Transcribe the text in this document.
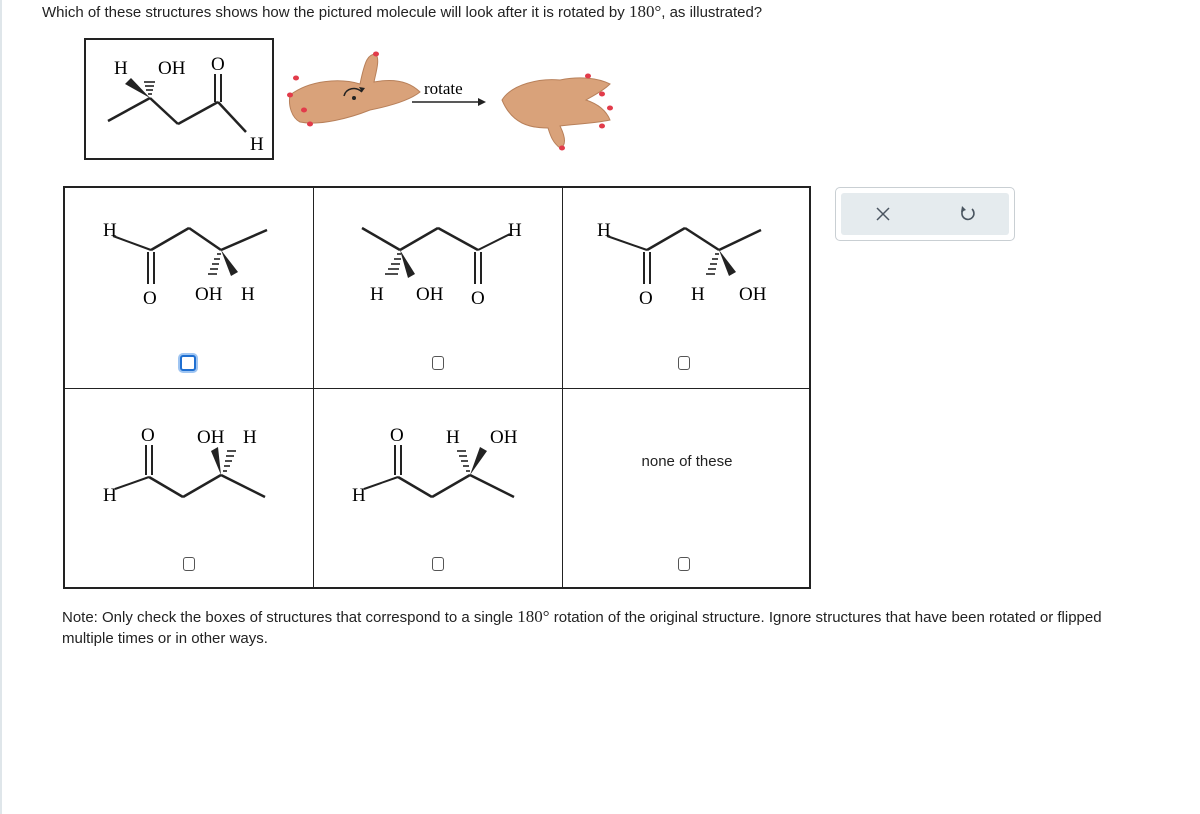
Which of these structures shows how the pictured molecule will look after it is rotated by 180°, as illustrated?
H OH O
H
rotate
H
O OH H	H OH O
H	H
O H OH
O
H
OH H	O
H
H OH
none of these
Note: Only check the boxes of structures that correspond to a single 180° rotation of the original structure. Ignore structures that have been rotated or flipped multiple times or in other ways.
